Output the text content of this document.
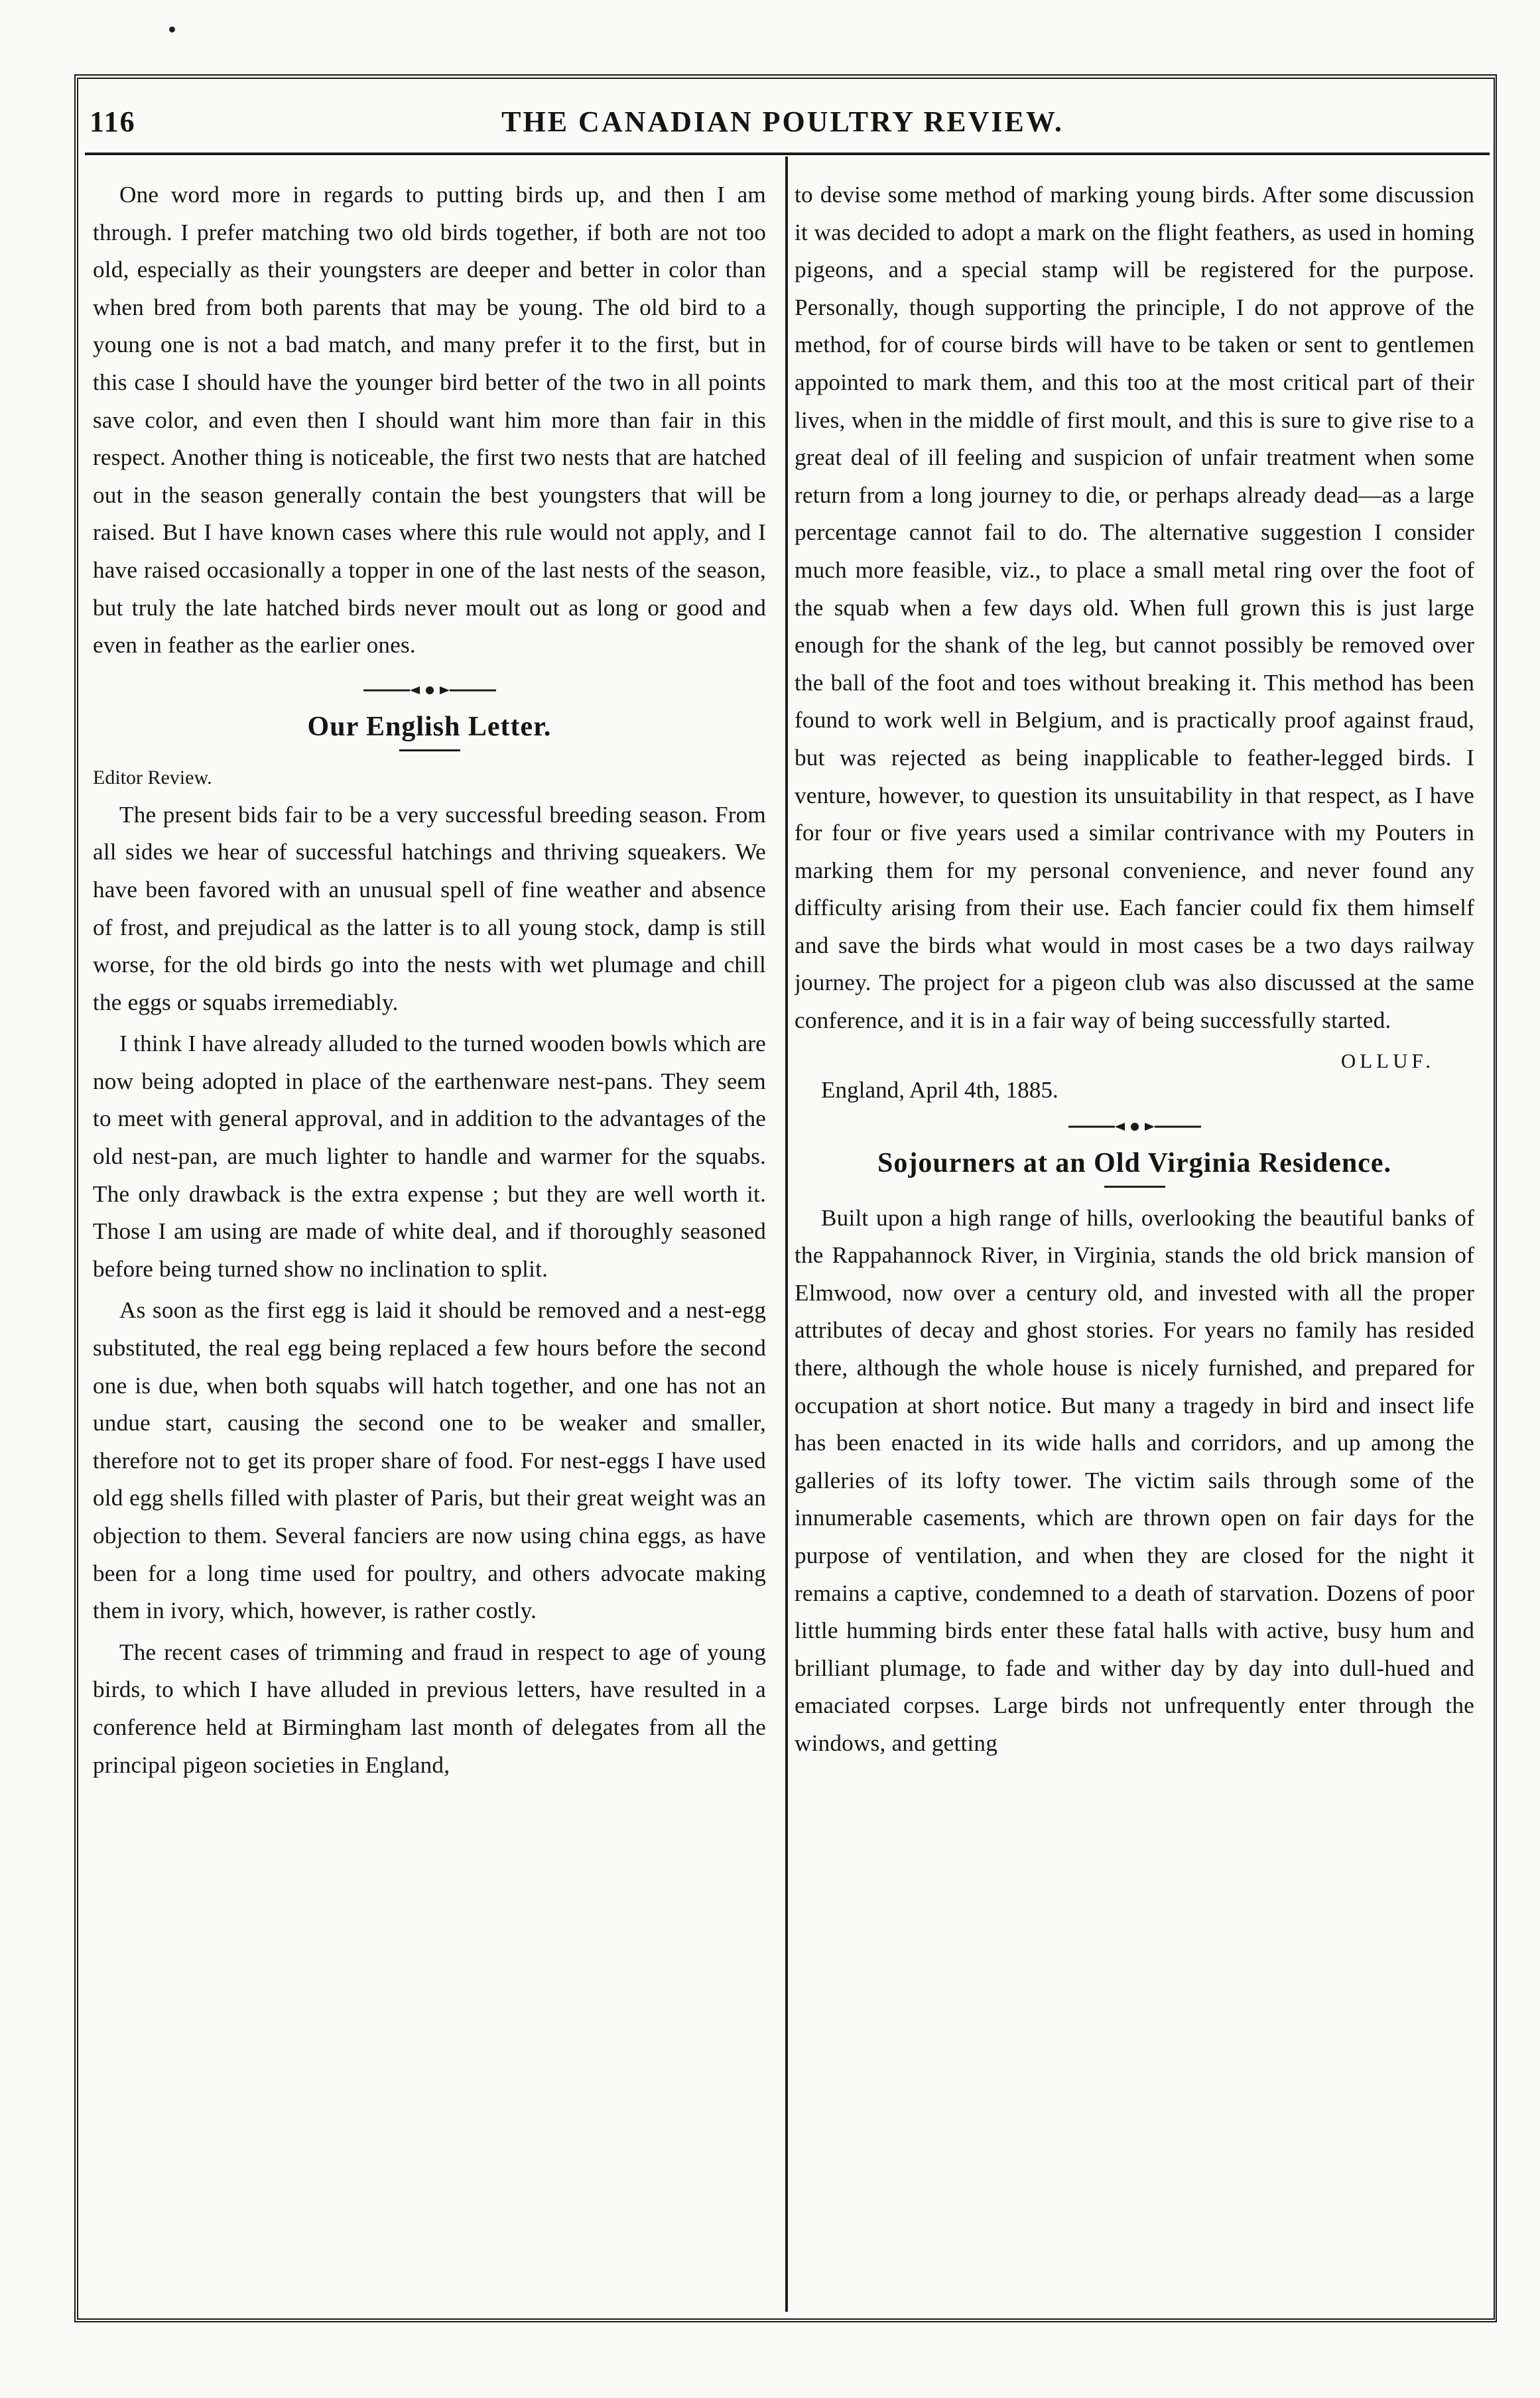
116	THE CANADIAN POULTRY REVIEW.

One word more in regards to putting birds up, and then I am through. I prefer matching two old birds together, if both are not too old, especially as their youngsters are deeper and better in color than when bred from both parents that may be young. The old bird to a young one is not a bad match, and many prefer it to the first, but in this case I should have the younger bird better of the two in all points save color, and even then I should want him more than fair in this respect. Another thing is noticeable, the first two nests that are hatched out in the season generally contain the best youngsters that will be raised. But I have known cases where this rule would not apply, and I have raised occasionally a topper in one of the last nests of the season, but truly the late hatched birds never moult out as long or good and even in feather as the earlier ones.

Our English Letter.
Editor Review.

The present bids fair to be a very successful breeding season. From all sides we hear of successful hatchings and thriving squeakers. We have been favored with an unusual spell of fine weather and absence of frost, and prejudical as the latter is to all young stock, damp is still worse, for the old birds go into the nests with wet plumage and chill the eggs or squabs irremediably.

I think I have already alluded to the turned wooden bowls which are now being adopted in place of the earthenware nest-pans. They seem to meet with general approval, and in addition to the advantages of the old nest-pan, are much lighter to handle and warmer for the squabs. The only drawback is the extra expense ; but they are well worth it. Those I am using are made of white deal, and if thoroughly seasoned before being turned show no inclination to split.

As soon as the first egg is laid it should be removed and a nest-egg substituted, the real egg being replaced a few hours before the second one is due, when both squabs will hatch together, and one has not an undue start, causing the second one to be weaker and smaller, therefore not to get its proper share of food. For nest-eggs I have used old egg shells filled with plaster of Paris, but their great weight was an objection to them. Several fanciers are now using china eggs, as have been for a long time used for poultry, and others advocate making them in ivory, which, however, is rather costly.

The recent cases of trimming and fraud in respect to age of young birds, to which I have alluded in previous letters, have resulted in a conference held at Birmingham last month of delegates from all the principal pigeon societies in England,

to devise some method of marking young birds. After some discussion it was decided to adopt a mark on the flight feathers, as used in homing pigeons, and a special stamp will be registered for the purpose. Personally, though supporting the principle, I do not approve of the method, for of course birds will have to be taken or sent to gentlemen appointed to mark them, and this too at the most critical part of their lives, when in the middle of first moult, and this is sure to give rise to a great deal of ill feeling and suspicion of unfair treatment when some return from a long journey to die, or perhaps already dead—as a large percentage cannot fail to do. The alternative suggestion I consider much more feasible, viz., to place a small metal ring over the foot of the squab when a few days old. When full grown this is just large enough for the shank of the leg, but cannot possibly be removed over the ball of the foot and toes without breaking it. This method has been found to work well in Belgium, and is practically proof against fraud, but was rejected as being inapplicable to feather-legged birds. I venture, however, to question its unsuitability in that respect, as I have for four or five years used a similar contrivance with my Pouters in marking them for my personal convenience, and never found any difficulty arising from their use. Each fancier could fix them himself and save the birds what would in most cases be a two days railway journey. The project for a pigeon club was also discussed at the same conference, and it is in a fair way of being successfully started.

OLLUF.
England, April 4th, 1885.
Sojourners at an Old Virginia Residence.

Built upon a high range of hills, overlooking the beautiful banks of the Rappahannock River, in Virginia, stands the old brick mansion of Elmwood, now over a century old, and invested with all the proper attributes of decay and ghost stories. For years no family has resided there, although the whole house is nicely furnished, and prepared for occupation at short notice. But many a tragedy in bird and insect life has been enacted in its wide halls and corridors, and up among the galleries of its lofty tower. The victim sails through some of the innumerable casements, which are thrown open on fair days for the purpose of ventilation, and when they are closed for the night it remains a captive, condemned to a death of starvation. Dozens of poor little humming birds enter these fatal halls with active, busy hum and brilliant plumage, to fade and wither day by day into dull-hued and emaciated corpses. Large birds not unfrequently enter through the windows, and getting
